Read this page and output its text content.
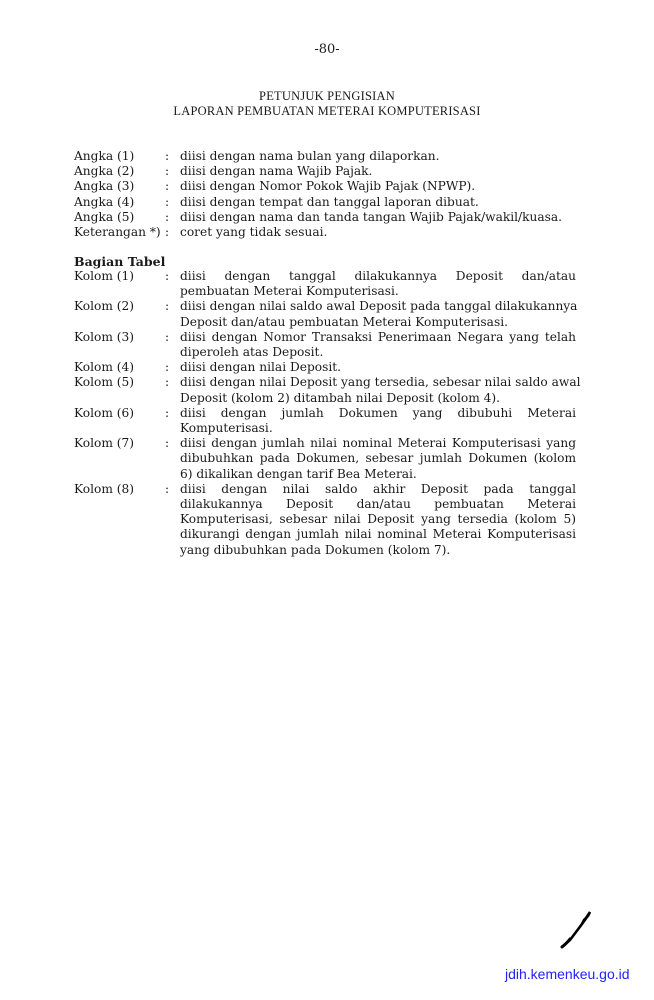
-80-
PETUNJUK PENGISIAN
LAPORAN PEMBUATAN METERAI KOMPUTERISASI
Angka (1)	: diisi dengan nama bulan yang dilaporkan.
Angka (2)	: diisi dengan nama Wajib Pajak.
Angka (3)	: diisi dengan Nomor Pokok Wajib Pajak (NPWP).
Angka (4)	: diisi dengan tempat dan tanggal laporan dibuat.
Angka (5)	: diisi dengan nama dan tanda tangan Wajib Pajak/wakil/kuasa.
Keterangan *) : coret yang tidak sesuai.
Bagian Tabel
Kolom (1)	: diisi dengan tanggal dilakukannya Deposit dan/atau
pembuatan Meterai Komputerisasi.
Kolom (2)	: diisi dengan nilai saldo awal Deposit pada tanggal dilakukannya
Deposit dan/atau pembuatan Meterai Komputerisasi.
Kolom (3)	: diisi dengan Nomor Transaksi Penerimaan Negara yang telah
diperoleh atas Deposit.
Kolom (4)	: diisi dengan nilai Deposit.
Kolom (5)	: diisi dengan nilai Deposit yang tersedia, sebesar nilai saldo awal
Deposit (kolom 2) ditambah nilai Deposit (kolom 4).
Kolom (6)	: diisi dengan jumlah Dokumen yang dibubuhi Meterai
Komputerisasi.
Kolom (7)	: diisi dengan jumlah nilai nominal Meterai Komputerisasi yang
dibubuhkan pada Dokumen, sebesar jumlah Dokumen (kolom
6) dikalikan dengan tarif Bea Meterai.
Kolom (8)	: diisi dengan nilai saldo akhir Deposit pada tanggal
dilakukannya Deposit dan/atau pembuatan Meterai
Komputerisasi, sebesar nilai Deposit yang tersedia (kolom 5)
dikurangi dengan jumlah nilai nominal Meterai Komputerisasi
yang dibubuhkan pada Dokumen (kolom 7).
jdih.kemenkeu.go.id
